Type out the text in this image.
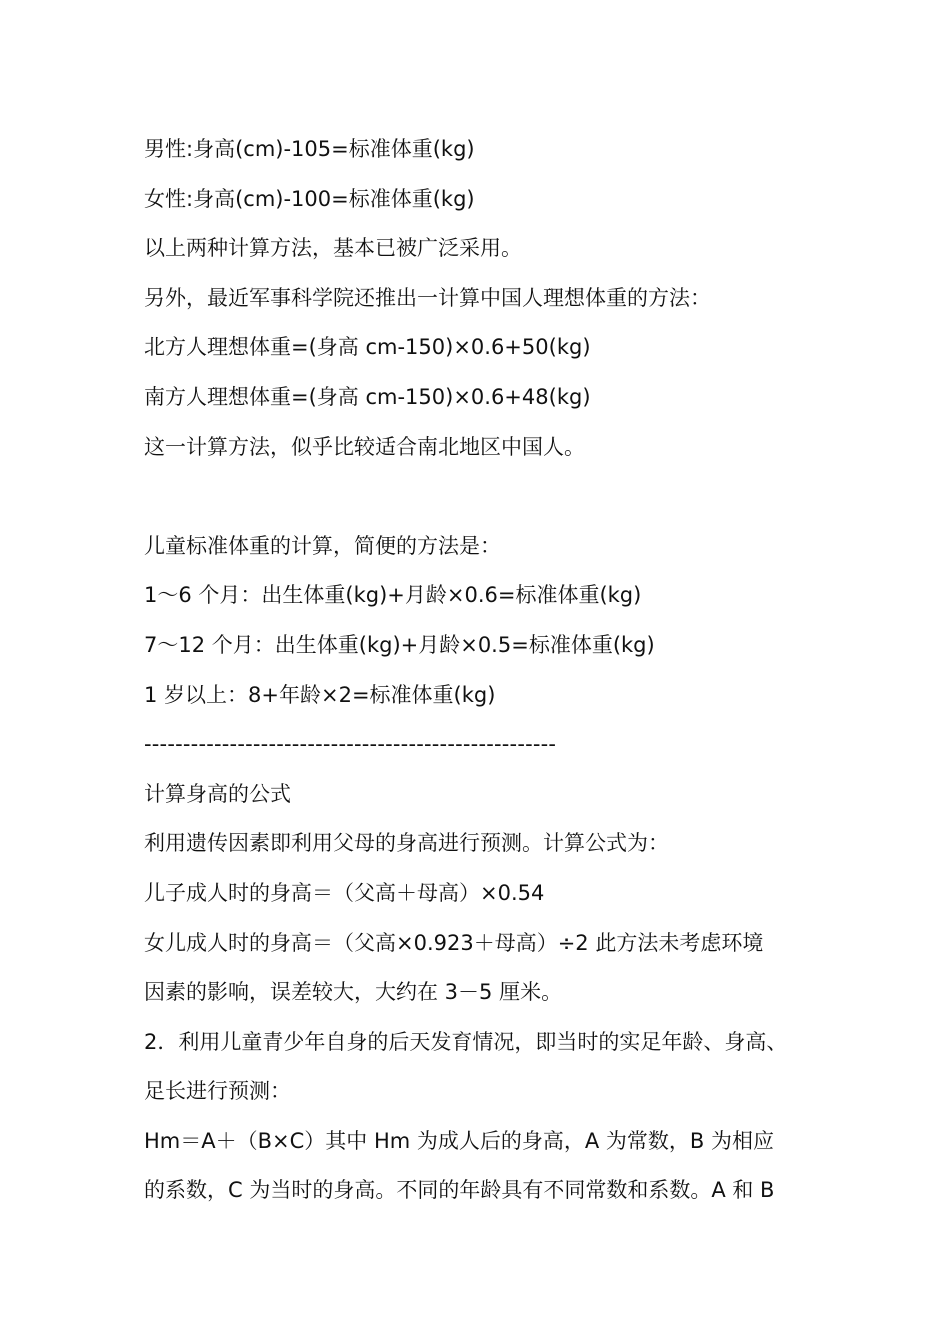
男性:身高(cm)-105=标准体重(kg)
女性:身高(cm)-100=标准体重(kg)
以上两种计算方法，基本已被广泛采用。
另外，最近军事科学院还推出一计算中国人理想体重的方法：
北方人理想体重=(身高 cm-150)×0.6+50(kg)
南方人理想体重=(身高 cm-150)×0.6+48(kg)
这一计算方法，似乎比较适合南北地区中国人。
儿童标准体重的计算，简便的方法是：
1～6 个月：出生体重(kg)+月龄×0.6=标准体重(kg)
7～12 个月：出生体重(kg)+月龄×0.5=标准体重(kg)
1 岁以上：8+年龄×2=标准体重(kg)
-----------------------------------------------------
计算身高的公式
利用遗传因素即利用父母的身高进行预测。计算公式为：
儿子成人时的身高＝（父高＋母高）×0.54
女儿成人时的身高＝（父高×0.923＋母高）÷2 此方法未考虑环境
因素的影响，误差较大，大约在 3－5 厘米。
2．利用儿童青少年自身的后天发育情况，即当时的实足年龄、身高、
足长进行预测：
Hm＝A＋（B×C）其中 Hm 为成人后的身高，A 为常数，B 为相应
的系数，C 为当时的身高。不同的年龄具有不同常数和系数。A 和 B
